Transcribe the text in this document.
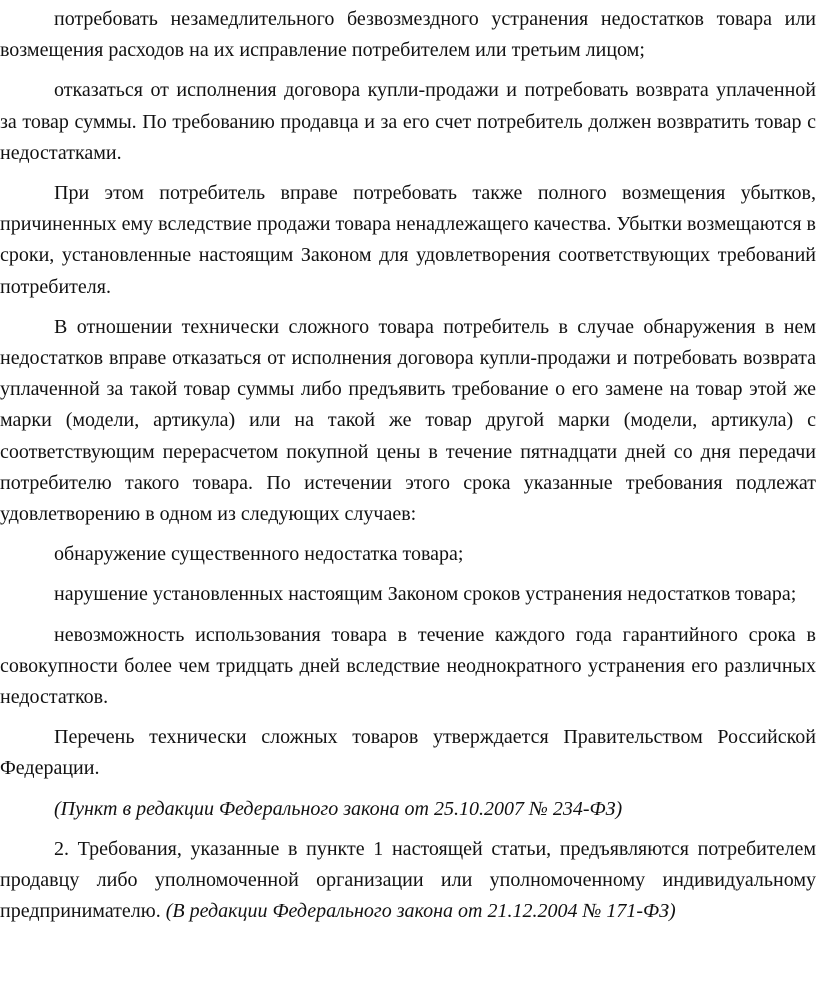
потребовать незамедлительного безвозмездного устранения недостатков товара или возмещения расходов на их исправление потребителем или третьим лицом;

отказаться от исполнения договора купли-продажи и потребовать возврата уплаченной за товар суммы. По требованию продавца и за его счет потребитель должен возвратить товар с недостатками.

При этом потребитель вправе потребовать также полного возмещения убытков, причиненных ему вследствие продажи товара ненадлежащего качества. Убытки возмещаются в сроки, установленные настоящим Законом для удовлетворения соответствующих требований потребителя.

В отношении технически сложного товара потребитель в случае обнаружения в нем недостатков вправе отказаться от исполнения договора купли-продажи и потребовать возврата уплаченной за такой товар суммы либо предъявить требование о его замене на товар этой же марки (модели, артикула) или на такой же товар другой марки (модели, артикула) с соответствующим перерасчетом покупной цены в течение пятнадцати дней со дня передачи потребителю такого товара. По истечении этого срока указанные требования подлежат удовлетворению в одном из следующих случаев:

обнаружение существенного недостатка товара;

нарушение установленных настоящим Законом сроков устранения недостатков товара;

невозможность использования товара в течение каждого года гарантийного срока в совокупности более чем тридцать дней вследствие неоднократного устранения его различных недостатков.

Перечень технически сложных товаров утверждается Правительством Российской Федерации.

(Пункт в редакции Федерального закона от 25.10.2007 № 234-ФЗ)

2. Требования, указанные в пункте 1 настоящей статьи, предъявляются потребителем продавцу либо уполномоченной организации или уполномоченному индивидуальному предпринимателю. (В редакции Федерального закона от 21.12.2004 № 171-ФЗ)
